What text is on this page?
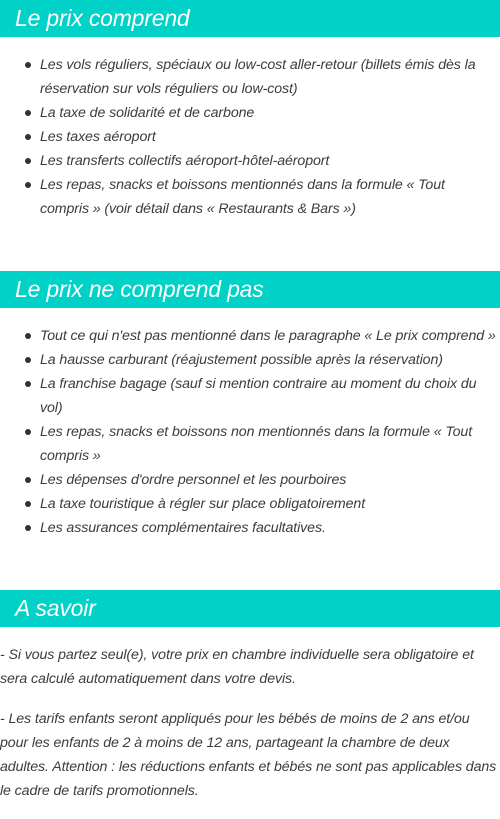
Le prix comprend
Les vols réguliers, spéciaux ou low-cost aller-retour (billets émis dès la réservation sur vols réguliers ou low-cost)
La taxe de solidarité et de carbone
Les taxes aéroport
Les transferts collectifs aéroport-hôtel-aéroport
Les repas, snacks et boissons mentionnés dans la formule « Tout compris » (voir détail dans « Restaurants & Bars »)
Le prix ne comprend pas
Tout ce qui n'est pas mentionné dans le paragraphe « Le prix comprend »
La hausse carburant (réajustement possible après la réservation)
La franchise bagage (sauf si mention contraire au moment du choix du vol)
Les repas, snacks et boissons non mentionnés dans la formule « Tout compris »
Les dépenses d'ordre personnel et les pourboires
La taxe touristique à régler sur place obligatoirement
Les assurances complémentaires facultatives.
A savoir

- Si vous partez seul(e), votre prix en chambre individuelle sera obligatoire et sera calculé automatiquement dans votre devis.

- Les tarifs enfants seront appliqués pour les bébés de moins de 2 ans et/ou pour les enfants de 2 à moins de 12 ans, partageant la chambre de deux adultes. Attention : les réductions enfants et bébés ne sont pas applicables dans le cadre de tarifs promotionnels.
